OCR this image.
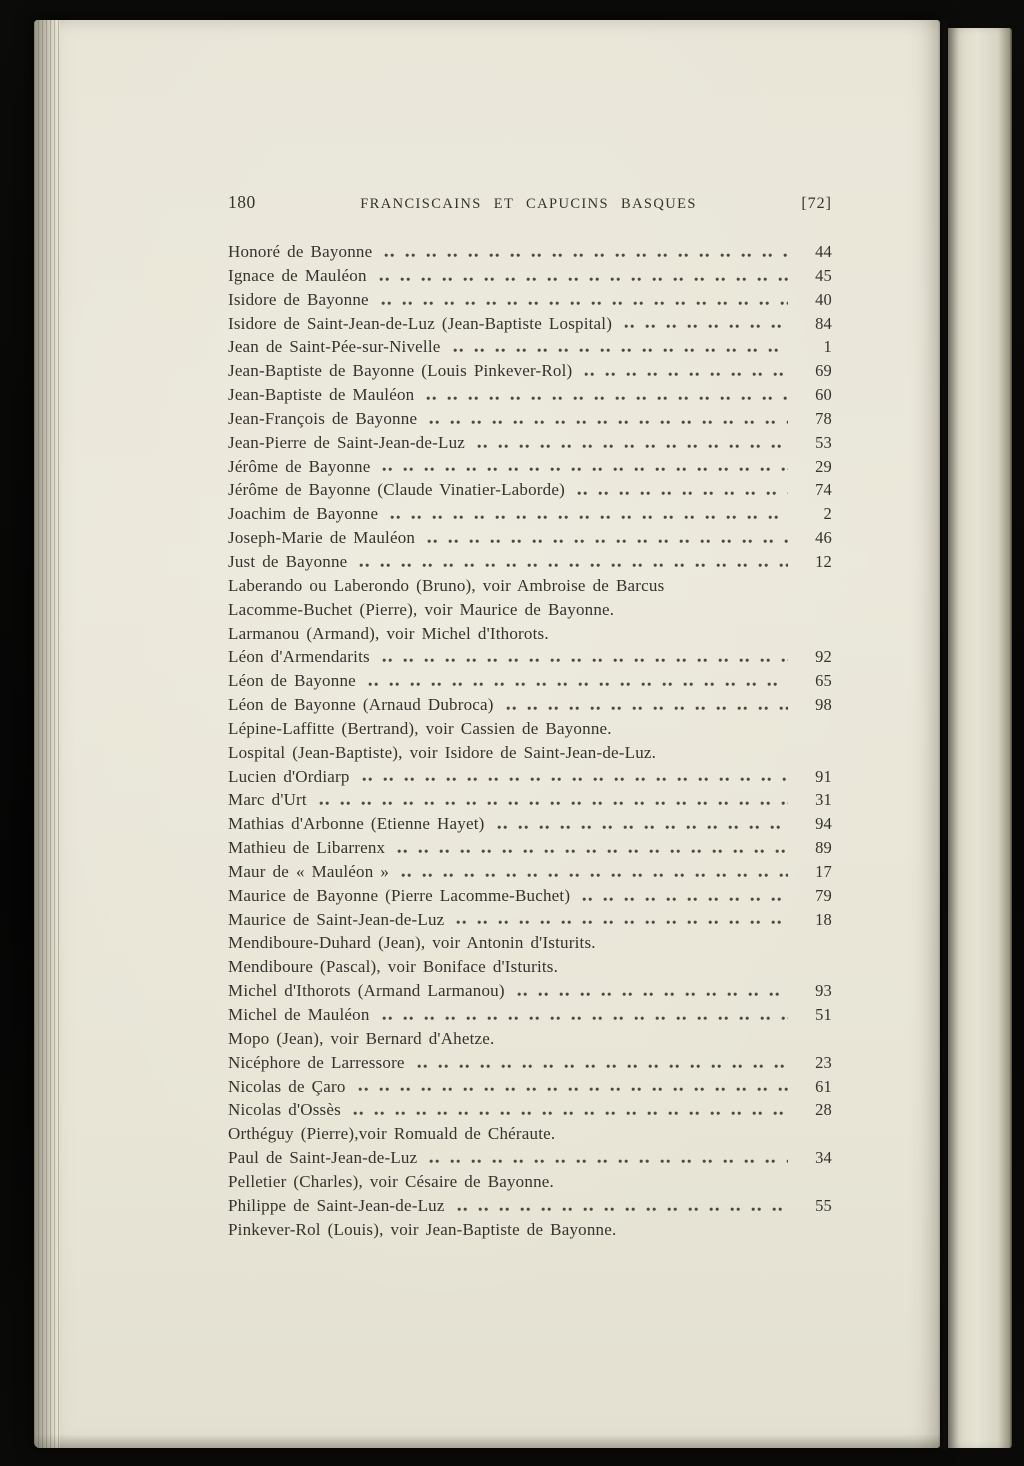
180	FRANCISCAINS ET CAPUCINS BASQUES	[72]
Honoré de Bayonne	44
Ignace de Mauléon	45
Isidore de Bayonne	40
Isidore de Saint-Jean-de-Luz (Jean-Baptiste Lospital)	84
Jean de Saint-Pée-sur-Nivelle	1
Jean-Baptiste de Bayonne (Louis Pinkever-Rol)	69
Jean-Baptiste de Mauléon	60
Jean-François de Bayonne	78
Jean-Pierre de Saint-Jean-de-Luz	53
Jérôme de Bayonne	29
Jérôme de Bayonne (Claude Vinatier-Laborde)	74
Joachim de Bayonne	2
Joseph-Marie de Mauléon	46
Just de Bayonne	12
Laberando ou Laberondo (Bruno), voir Ambroise de Barcus
Lacomme-Buchet (Pierre), voir Maurice de Bayonne.
Larmanou (Armand), voir Michel d'Ithorots.
Léon d'Armendarits	92
Léon de Bayonne	65
Léon de Bayonne (Arnaud Dubroca)	98
Lépine-Laffitte (Bertrand), voir Cassien de Bayonne.
Lospital (Jean-Baptiste), voir Isidore de Saint-Jean-de-Luz.
Lucien d'Ordiarp	91
Marc d'Urt	31
Mathias d'Arbonne (Etienne Hayet)	94
Mathieu de Libarrenx	89
Maur de « Mauléon »	17
Maurice de Bayonne (Pierre Lacomme-Buchet)	79
Maurice de Saint-Jean-de-Luz	18
Mendiboure-Duhard (Jean), voir Antonin d'Isturits.
Mendiboure (Pascal), voir Boniface d'Isturits.
Michel d'Ithorots (Armand Larmanou)	93
Michel de Mauléon	51
Mopo (Jean), voir Bernard d'Ahetze.
Nicéphore de Larressore	23
Nicolas de Çaro	61
Nicolas d'Ossès	28
Orthéguy (Pierre),voir Romuald de Chéraute.
Paul de Saint-Jean-de-Luz	34
Pelletier (Charles), voir Césaire de Bayonne.
Philippe de Saint-Jean-de-Luz	55
Pinkever-Rol (Louis), voir Jean-Baptiste de Bayonne.
